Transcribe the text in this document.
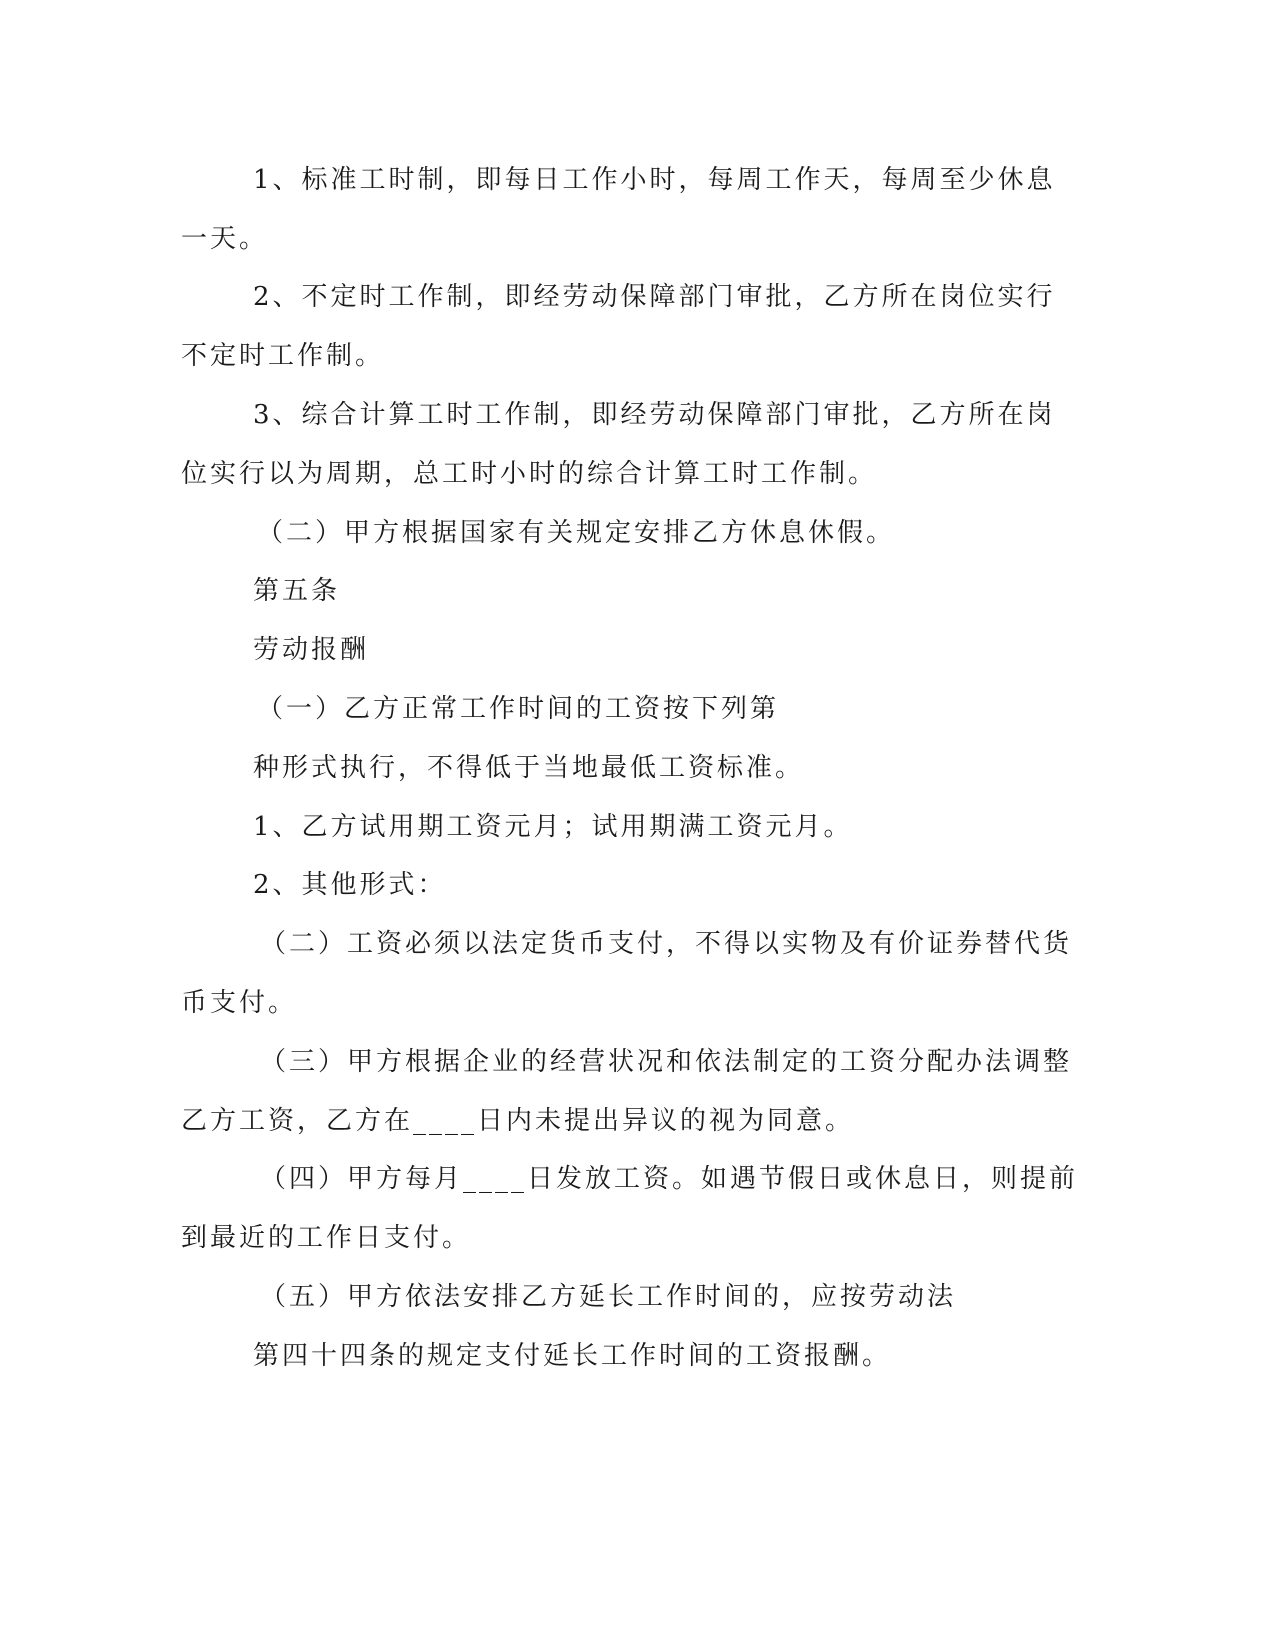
1、标准工时制，即每日工作小时，每周工作天，每周至少休息
一天。
2、不定时工作制，即经劳动保障部门审批，乙方所在岗位实行
不定时工作制。
3、综合计算工时工作制，即经劳动保障部门审批，乙方所在岗
位实行以为周期，总工时小时的综合计算工时工作制。
（二）甲方根据国家有关规定安排乙方休息休假。
第五条
劳动报酬
（一）乙方正常工作时间的工资按下列第
种形式执行，不得低于当地最低工资标准。
1、乙方试用期工资元月；试用期满工资元月。
2、其他形式：
（二）工资必须以法定货币支付，不得以实物及有价证券替代货
币支付。
（三）甲方根据企业的经营状况和依法制定的工资分配办法调整
乙方工资，乙方在____日内未提出异议的视为同意。
（四）甲方每月____日发放工资。如遇节假日或休息日，则提前
到最近的工作日支付。
（五）甲方依法安排乙方延长工作时间的，应按劳动法
第四十四条的规定支付延长工作时间的工资报酬。
